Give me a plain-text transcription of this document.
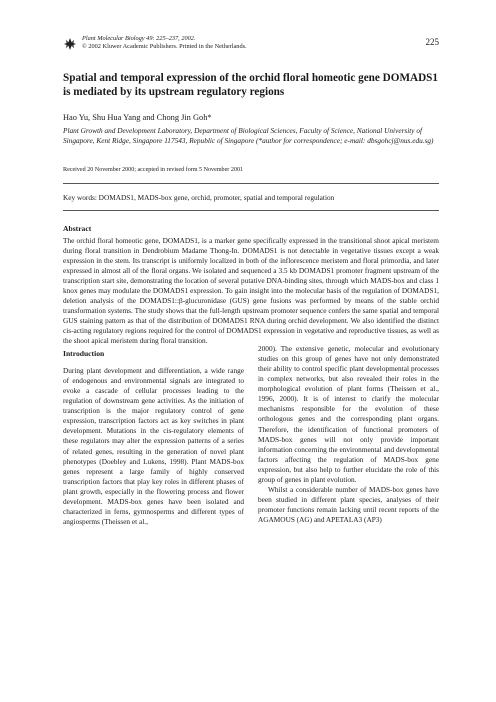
Plant Molecular Biology 49: 225–237, 2002.
© 2002 Kluwer Academic Publishers. Printed in the Netherlands.	225
Spatial and temporal expression of the orchid floral homeotic gene DOMADS1 is mediated by its upstream regulatory regions

Hao Yu, Shu Hua Yang and Chong Jin Goh*

Plant Growth and Development Laboratory, Department of Biological Sciences, Faculty of Science, National University of Singapore, Kent Ridge, Singapore 117543, Republic of Singapore (*author for correspondence; e-mail: dbsgohcj@nus.edu.sg)

Received 20 November 2000; accepted in revised form 5 November 2001

Key words: DOMADS1, MADS-box gene, orchid, promoter, spatial and temporal regulation

Abstract

The orchid floral homeotic gene, DOMADS1, is a marker gene specifically expressed in the transitional shoot apical meristem during floral transition in Dendrobium Madame Thong-In. DOMADS1 is not detectable in vegetative tissues except a weak expression in the stem. Its transcript is uniformly localized in both of the inflorescence meristem and floral primordia, and later expressed in almost all of the floral organs. We isolated and sequenced a 3.5 kb DOMADS1 promoter fragment upstream of the transcription start site, demonstrating the location of several putative DNA-binding sites, through which MADS-box and class 1 knox genes may modulate the DOMADS1 expression. To gain insight into the molecular basis of the regulation of DOMADS1, deletion analysis of the DOMADS1::β-glucuronidase (GUS) gene fusions was performed by means of the stable orchid transformation systems. The study shows that the full-length upstream promoter sequence confers the same spatial and temporal GUS staining pattern as that of the distribution of DOMADS1 RNA during orchid development. We also identified the distinct cis-acting regulatory regions required for the control of DOMADS1 expression in vegetative and reproductive tissues, as well as the shoot apical meristem during floral transition.

Introduction

During plant development and differentiation, a wide range of endogenous and environmental signals are integrated to evoke a cascade of cellular processes leading to the regulation of downstream gene activities. As the initiation of transcription is the major regulatory control of gene expression, transcription factors act as key switches in plant development. Mutations in the cis-regulatory elements of these regulators may alter the expression patterns of a series of related genes, resulting in the generation of novel plant phenotypes (Doebley and Lukens, 1998). Plant MADS-box genes represent a large family of highly conserved transcription factors that play key roles in different phases of plant growth, especially in the flowering process and flower development. MADS-box genes have been isolated and characterized in ferns, gymnosperms and different types of angiosperms (Theissen et al.,

2000). The extensive genetic, molecular and evolutionary studies on this group of genes have not only demonstrated their ability to control specific plant developmental processes in complex networks, but also revealed their roles in the morphological evolution of plant forms (Theissen et al., 1996, 2000). It is of interest to clarify the molecular mechanisms responsible for the evolution of these orthologous genes and the corresponding plant organs. Therefore, the identification of functional promoters of MADS-box genes will not only provide important information concerning the environmental and developmental factors affecting the regulation of MADS-box gene expression, but also help to further elucidate the role of this group of genes in plant evolution.

Whilst a considerable number of MADS-box genes have been studied in different plant species, analyses of their promoter functions remain lacking until recent reports of the AGAMOUS (AG) and APETALA3 (AP3)
